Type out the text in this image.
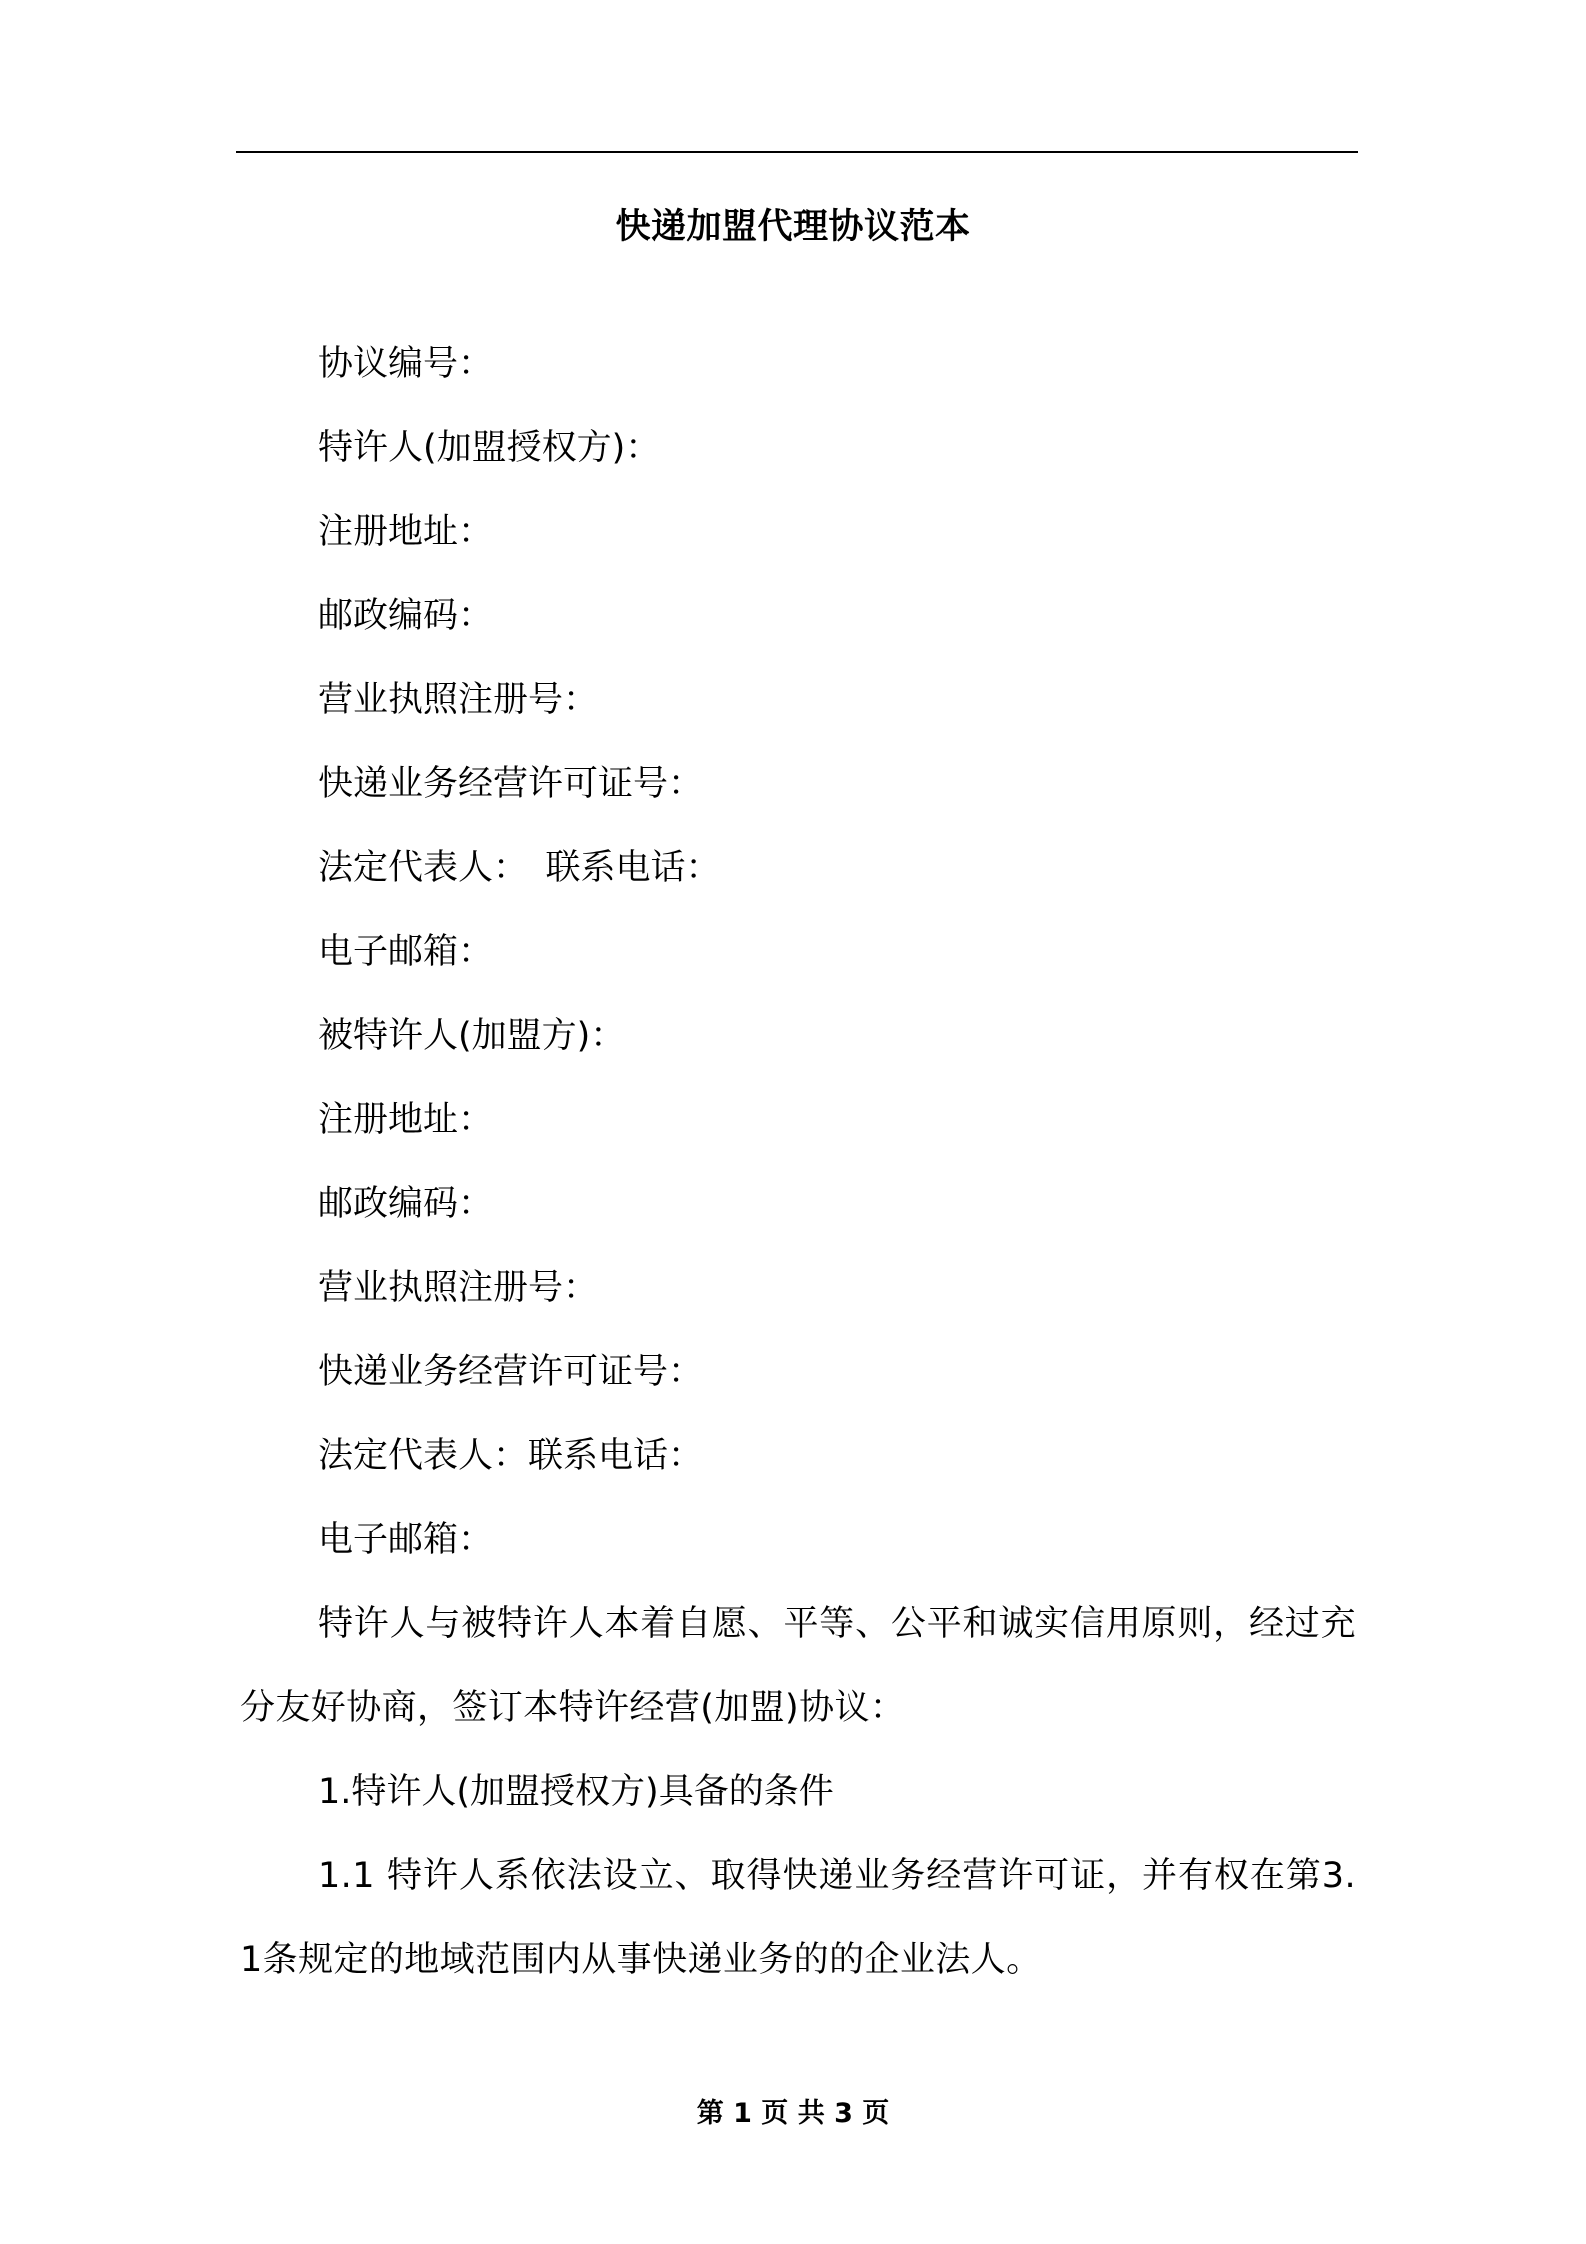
快递加盟代理协议范本
协议编号：
特许人(加盟授权方)：
注册地址：
邮政编码：
营业执照注册号：
快递业务经营许可证号：
法定代表人：　联系电话：
电子邮箱：
被特许人(加盟方)：
注册地址：
邮政编码：
营业执照注册号：
快递业务经营许可证号：
法定代表人：联系电话：
电子邮箱：
特许人与被特许人本着自愿、平等、公平和诚实信用原则，经过充分友好协商，签订本特许经营(加盟)协议：
1.特许人(加盟授权方)具备的条件
1.1 特许人系依法设立、取得快递业务经营许可证，并有权在第3.1条规定的地域范围内从事快递业务的的企业法人。
第 1 页 共 3 页
